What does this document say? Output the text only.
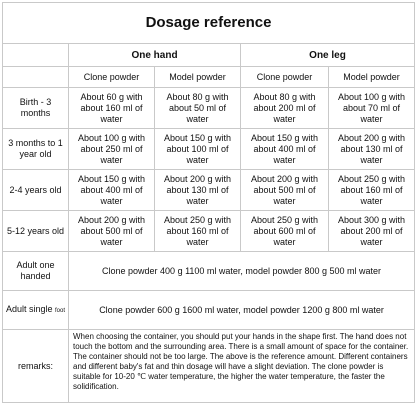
Dosage reference				
	One hand		One leg	
	Clone powder	Model powder	Clone powder	Model powder
Birth - 3 months	About 60 g with about 160 ml of water	About 80 g with about 50 ml of water	About 80 g with about 200 ml of water	About 100 g with about 70 ml of water
3 months to 1 year old	About 100 g with about 250 ml of water	About 150 g with about 100 ml of water	About 150 g with about 400 ml of water	About 200 g with about 130 ml of water
2-4 years old	About 150 g with about 400 ml of water	About 200 g with about 130 ml of water	About 200 g with about 500 ml of water	About 250 g with about 160 ml of water
5-12 years old	About 200 g with about 500 ml of water	About 250 g with about 160 ml of water	About 250 g with about 600 ml of water	About 300 g with about 200 ml of water
Adult one handed	Clone powder 400 g 1100 ml water, model powder 800 g 500 ml water			
Adult single foot	Clone powder 600 g 1600 ml water, model powder 1200 g 800 ml water			
remarks:	When choosing the container, you should put your hands in the shape first. The hand does not touch the bottom and the surrounding area. There is a small amount of space for the container. The container should not be too large. The above is the reference amount. Different containers and different baby's fat and thin dosage will have a slight deviation. The clone powder is suitable for 10-20 ℃ water temperature, the higher the water temperature, the faster the solidification.			
